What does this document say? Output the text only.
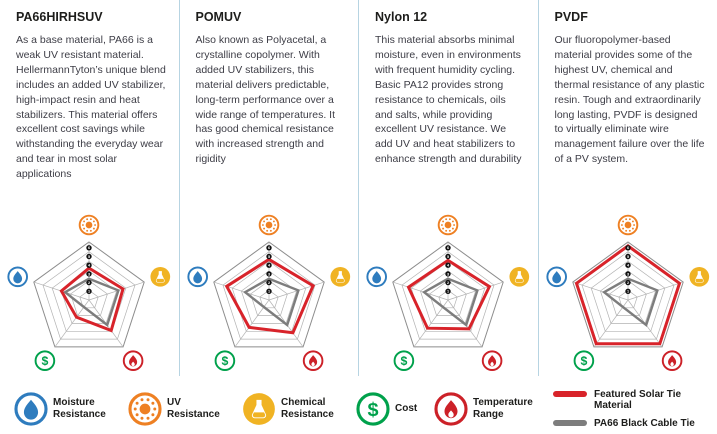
PA66HIRHSUV

As a base material, PA66 is a weak UV resistant material. HellermannTyton’s unique blend includes an added UV stabilizer, high-impact resin and heat stabilizers. This material offers excellent cost savings while withstanding the everyday wear and tear in most solar applications

6
5
4
3
2
1
$
POMUV

Also known as Polyacetal, a crystalline copolymer. With added UV stabilizers, this material delivers predictable, long-term performance over a wide range of temperatures. It has good chemical resistance with increased strength and rigidity

6
5
4
3
2
1
$
Nylon 12

This material absorbs minimal moisture, even in environments with frequent humidity cycling. Basic PA12 provides strong resistance to chemicals, oils and salts, while providing excellent UV resistance. We add UV and heat stabilizers to enhance strength and durability

6
5
4
3
2
1
$
PVDF

Our fluoropolymer-based material provides some of the highest UV, chemical and thermal resistance of any plastic resin. Tough and extraordinarily long lasting, PVDF is designed to virtually eliminate wire management failure over the life of a PV system.

6
5
4
3
2
1
$
Moisture Resistance
UV Resistance
Chemical Resistance	$ Cost
Temperature Range
Featured Solar Tie Material
PA66 Black Cable Tie
